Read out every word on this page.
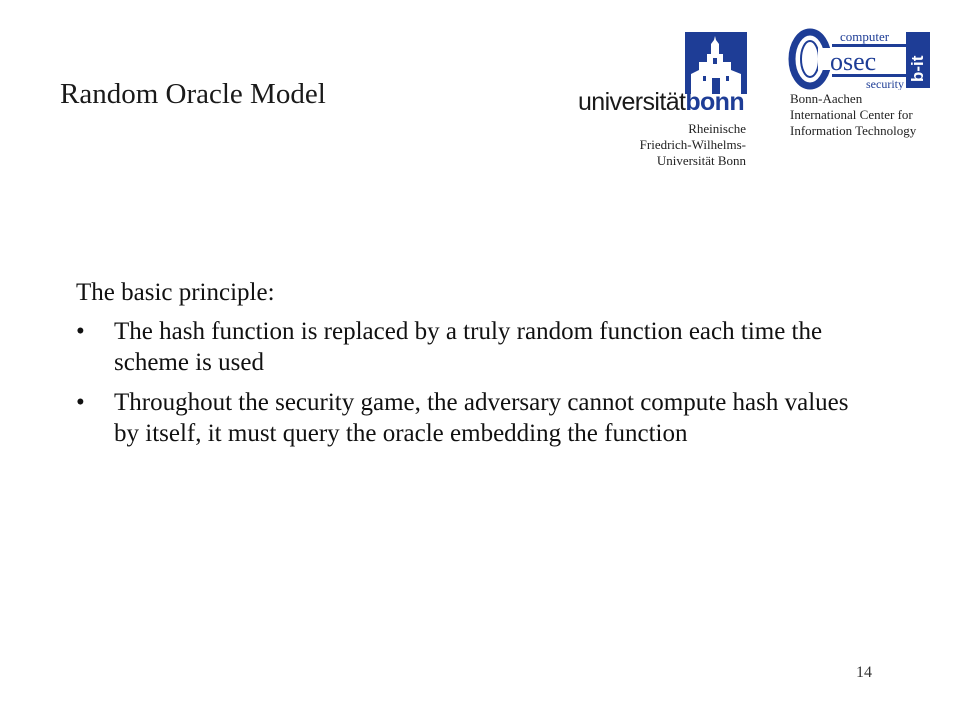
Random Oracle Model	universitätbonn
Rheinische
Friedrich-Wilhelms-
Universität Bonn
computer
osec
security
b-it
Bonn-Aachen
International Center for
Information Technology

The basic principle:

• The hash function is replaced by a truly random function each time the scheme is used
• Throughout the security game, the adversary cannot compute hash values by itself, it must query the oracle embedding the function
14
